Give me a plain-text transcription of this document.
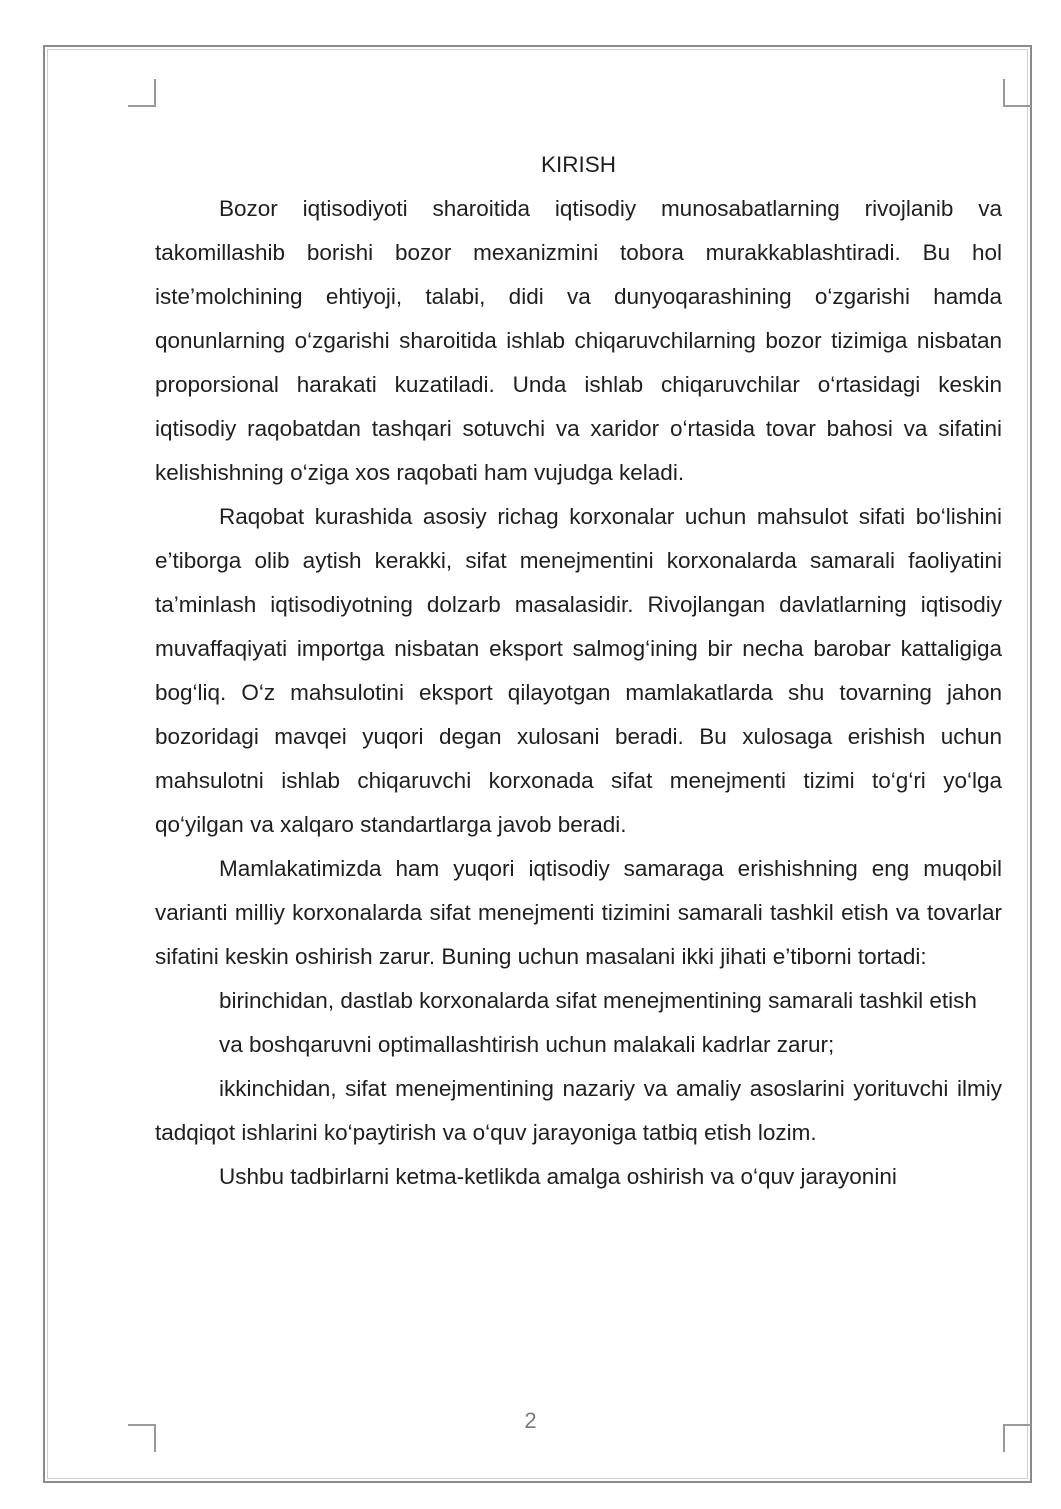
KIRISH

Bozor iqtisodiyoti sharoitida iqtisodiy munosabatlarning rivojlanib va takomillashib borishi bozor mexanizmini tobora murakkablashtiradi. Bu hol iste’molchining ehtiyoji, talabi, didi va dunyoqarashining o‘zgarishi hamda qonunlarning o‘zgarishi sharoitida ishlab chiqaruvchilarning bozor tizimiga nisbatan proporsional harakati kuzatiladi. Unda ishlab chiqaruvchilar o‘rtasidagi keskin iqtisodiy raqobatdan tashqari sotuvchi va xaridor o‘rtasida tovar bahosi va sifatini kelishishning o‘ziga xos raqobati ham vujudga keladi.

Raqobat kurashida asosiy richag korxonalar uchun mahsulot sifati bo‘lishini e’tiborga olib aytish kerakki, sifat menejmentini korxonalarda samarali faoliyatini ta’minlash iqtisodiyotning dolzarb masalasidir. Rivojlangan davlatlarning iqtisodiy muvaffaqiyati importga nisbatan eksport salmog‘ining bir necha barobar kattaligiga bog‘liq. O‘z mahsulotini eksport qilayotgan mamlakatlarda shu tovarning jahon bozoridagi mavqei yuqori degan xulosani beradi. Bu xulosaga erishish uchun mahsulotni ishlab chiqaruvchi korxonada sifat menejmenti tizimi to‘g‘ri yo‘lga qo‘yilgan va xalqaro standartlarga javob beradi.

Mamlakatimizda ham yuqori iqtisodiy samaraga erishishning eng muqobil varianti milliy korxonalarda sifat menejmenti tizimini samarali tashkil etish va tovarlar sifatini keskin oshirish zarur. Buning uchun masalani ikki jihati e’tiborni tortadi:

birinchidan, dastlab korxonalarda sifat menejmentining samarali tashkil etish

va boshqaruvni optimallashtirish uchun malakali kadrlar zarur;

ikkinchidan, sifat menejmentining nazariy va amaliy asoslarini yorituvchi ilmiy tadqiqot ishlarini ko‘paytirish va o‘quv jarayoniga tatbiq etish lozim.

Ushbu tadbirlarni ketma-ketlikda amalga oshirish va o‘quv jarayonini

2
